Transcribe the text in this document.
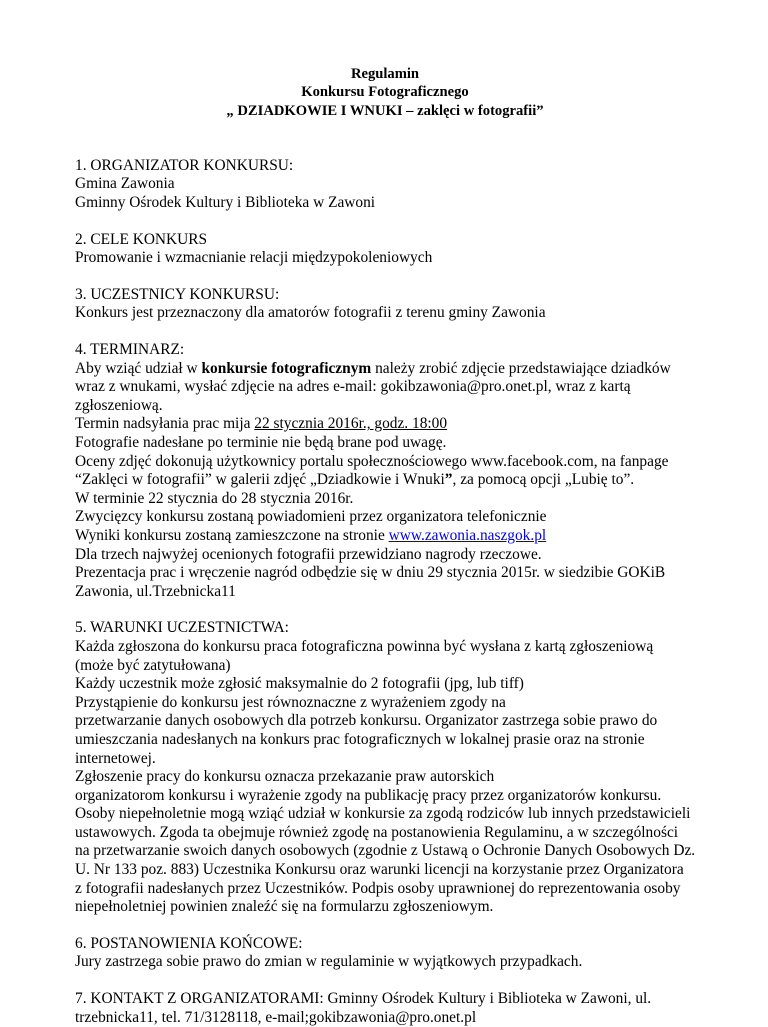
Regulamin
Konkursu Fotograficznego
„ DZIADKOWIE I WNUKI – zaklęci w fotografii”
1. ORGANIZATOR KONKURSU:
Gmina Zawonia
Gminny Ośrodek Kultury i Biblioteka w Zawoni
2. CELE KONKURS
Promowanie i wzmacnianie relacji międzypokoleniowych
3. UCZESTNICY KONKURSU:
Konkurs jest przeznaczony dla amatorów fotografii z terenu gminy Zawonia
4. TERMINARZ:
Aby wziąć udział w konkursie fotograficznym należy zrobić zdjęcie przedstawiające dziadków
wraz z wnukami, wysłać zdjęcie na adres e-mail: gokibzawonia@pro.onet.pl, wraz z kartą
zgłoszeniową.
Termin nadsyłania prac mija 22 stycznia 2016r., godz. 18:00
Fotografie nadesłane po terminie nie będą brane pod uwagę.
Oceny zdjęć dokonują użytkownicy portalu społecznościowego www.facebook.com, na fanpage
“Zaklęci w fotografii” w galerii zdjęć „Dziadkowie i Wnuki”, za pomocą opcji „Lubię to”.
W terminie 22 stycznia do 28 stycznia 2016r.
Zwycięzcy konkursu zostaną powiadomieni przez organizatora telefonicznie
Wyniki konkursu zostaną zamieszczone na stronie www.zawonia.naszgok.pl
Dla trzech najwyżej ocenionych fotografii przewidziano nagrody rzeczowe.
Prezentacja prac i wręczenie nagród odbędzie się w dniu 29 stycznia 2015r. w siedzibie GOKiB
Zawonia, ul.Trzebnicka11
5. WARUNKI UCZESTNICTWA:
Każda zgłoszona do konkursu praca fotograficzna powinna być wysłana z kartą zgłoszeniową
(może być zatytułowana)
Każdy uczestnik może zgłosić maksymalnie do 2 fotografii (jpg, lub tiff)
Przystąpienie do konkursu jest równoznaczne z wyrażeniem zgody na
przetwarzanie danych osobowych dla potrzeb konkursu. Organizator zastrzega sobie prawo do
umieszczania nadesłanych na konkurs prac fotograficznych w lokalnej prasie oraz na stronie
internetowej.
Zgłoszenie pracy do konkursu oznacza przekazanie praw autorskich
organizatorom konkursu i wyrażenie zgody na publikację pracy przez organizatorów konkursu.
Osoby niepełnoletnie mogą wziąć udział w konkursie za zgodą rodziców lub innych przedstawicieli
ustawowych. Zgoda ta obejmuje również zgodę na postanowienia Regulaminu, a w szczególności
na przetwarzanie swoich danych osobowych (zgodnie z Ustawą o Ochronie Danych Osobowych Dz.
U. Nr 133 poz. 883) Uczestnika Konkursu oraz warunki licencji na korzystanie przez Organizatora
z fotografii nadesłanych przez Uczestników. Podpis osoby uprawnionej do reprezentowania osoby
niepełnoletniej powinien znaleźć się na formularzu zgłoszeniowym.
6. POSTANOWIENIA KOŃCOWE:
Jury zastrzega sobie prawo do zmian w regulaminie w wyjątkowych przypadkach.
7. KONTAKT Z ORGANIZATORAMI: Gminny Ośrodek Kultury i Biblioteka w Zawoni, ul.
trzebnicka11, tel. 71/3128118, e-mail;gokibzawonia@pro.onet.pl
